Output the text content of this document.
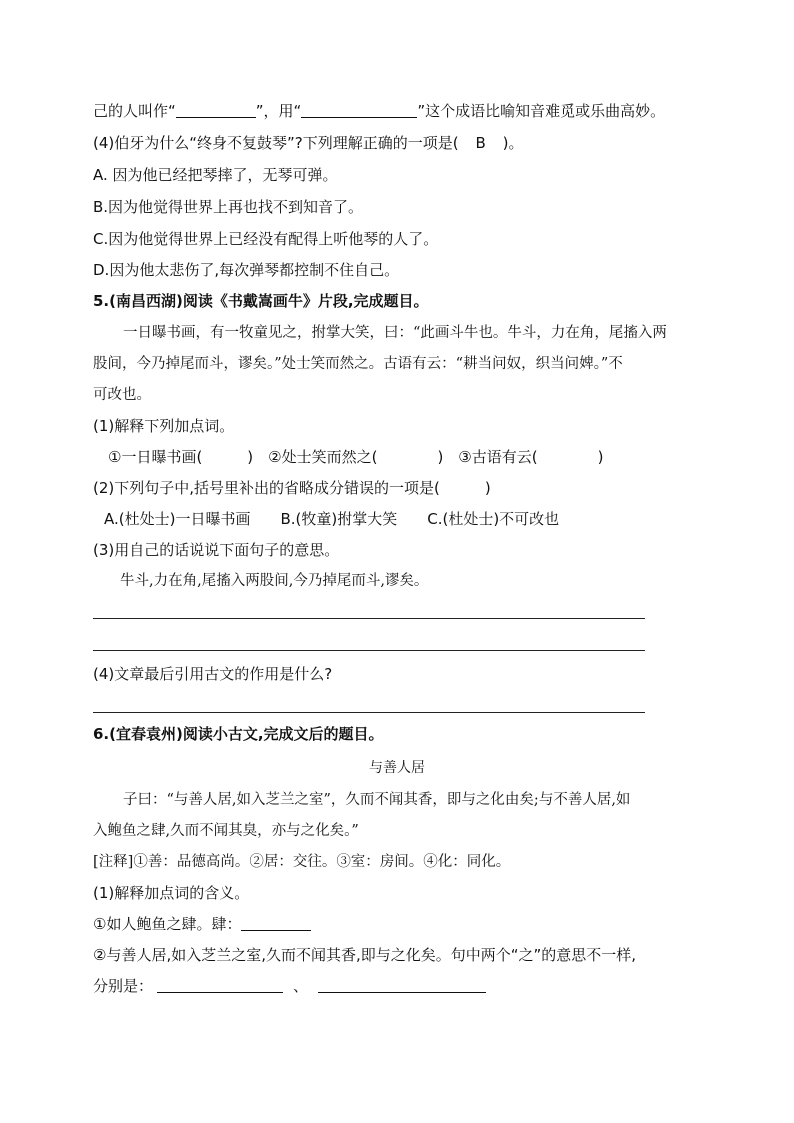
己的人叫作“	”，用“	”这个成语比喻知音难觅或乐曲高妙。
(4)伯牙为什么“终身不复鼓琴”?下列理解正确的一项是( B )。
A. 因为他已经把琴摔了，无琴可弹。
B.因为他觉得世界上再也找不到知音了。
C.因为他觉得世界上已经没有配得上听他琴的人了。
D.因为他太悲伤了,每次弹琴都控制不住自己。
5.(南昌西湖)阅读《书戴嵩画牛》片段,完成题目。
一日曝书画，有一牧童见之，拊掌大笑，曰：“此画斗牛也。牛斗，力在角，尾搐入两
股间，今乃掉尾而斗，谬矣。”处士笑而然之。古语有云：“耕当问奴，织当问婢。”不
可改也。
(1)解释下列加点词。
①一日曝书画(　　　)　②处士笑而然之(　　　　)　③古语有云(　　　　)
(2)下列句子中,括号里补出的省略成分错误的一项是(　　　)
A.(杜处士)一日曝书画　　B.(牧童)拊掌大笑　　C.(杜处士)不可改也
(3)用自己的话说说下面句子的意思。
牛斗,力在角,尾搐入两股间,今乃掉尾而斗,谬矣。
(4)文章最后引用古文的作用是什么?
6.(宜春袁州)阅读小古文,完成文后的题目。
与善人居
子曰：“与善人居,如入芝兰之室”，久而不闻其香，即与之化由矣;与不善人居,如
入鲍鱼之肆,久而不闻其臭，亦与之化矣。”
[注释]①善：品德高尚。②居：交往。③室：房间。④化：同化。
(1)解释加点词的含义。
①如人鲍鱼之肆。肆：
②与善人居,如入芝兰之室,久而不闻其香,即与之化矣。句中两个“之”的意思不一样,
分别是：	、
